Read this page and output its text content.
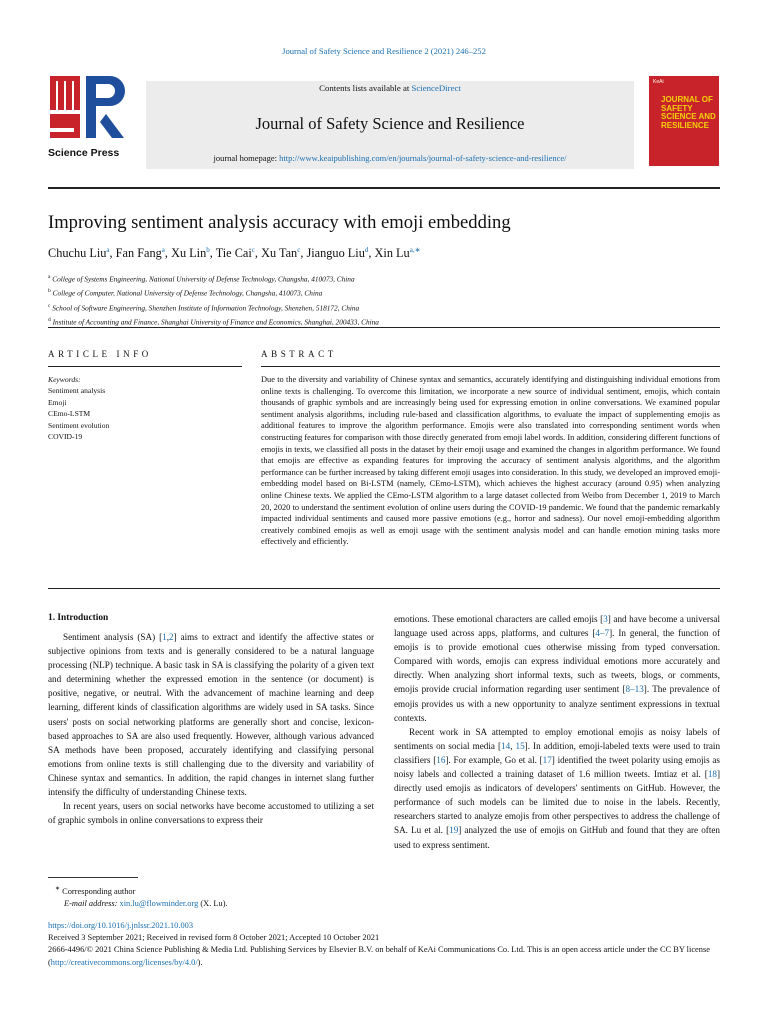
Journal of Safety Science and Resilience 2 (2021) 246–252
Science Press
Contents lists available at ScienceDirect
Journal of Safety Science and Resilience
journal homepage: http://www.keaipublishing.com/en/journals/journal-of-safety-science-and-resilience/
KeAi
JOURNAL OF SAFETY SCIENCE AND RESILIENCE
Improving sentiment analysis accuracy with emoji embedding
Chuchu Liu$^a$, Fan Fang$^a$, Xu Lin$^b$, Tie Cai$^c$, Xu Tan$^c$, Jianguo Liu$^d$, Xin $Lu^{a,∗}$
$^a$ College of Systems Engineering, National University of Defense Technology, Changsha, 410073, China
$^b$ College of Computer, National University of Defense Technology, Changsha, 410073, China
$^c$ School of Software Engineering, Shenzhen Institute of Information Technology, Shenzhen, 518172, China
$^d$ Institute of Accounting and Finance, Shanghai University of Finance and Economics, Shanghai, 200433, China
ARTICLE INFO
Keywords:
Sentiment analysis
Emoji
CEmo-LSTM
Sentiment evolution
COVID-19
ABSTRACT
Due to the diversity and variability of Chinese syntax and semantics, accurately identifying and distinguishing individual emotions from online texts is challenging. To overcome this limitation, we incorporate a new source of individual sentiment, emojis, which contain thousands of graphic symbols and are increasingly being used for expressing emotion in online conversations. We examined popular sentiment analysis algorithms, including rule-based and classification algorithms, to evaluate the impact of supplementing emojis as additional features to improve the algorithm performance. Emojis were also translated into corresponding sentiment words when constructing features for comparison with those directly generated from emoji label words. In addition, considering different functions of emojis in texts, we classified all posts in the dataset by their emoji usage and examined the changes in algorithm performance. We found that emojis are effective as expanding features for improving the accuracy of sentiment analysis algorithms, and the algorithm performance can be further increased by taking different emoji usages into consideration. In this study, we developed an improved emoji-embedding model based on Bi-LSTM (namely, CEmo-LSTM), which achieves the highest accuracy (around 0.95) when analyzing online Chinese texts. We applied the CEmo-LSTM algorithm to a large dataset collected from Weibo from December 1, 2019 to March 20, 2020 to understand the sentiment evolution of online users during the COVID-19 pandemic. We found that the pandemic remarkably impacted individual sentiments and caused more passive emotions (e.g., horror and sadness). Our novel emoji-embedding algorithm creatively combined emojis as well as emoji usage with the sentiment analysis model and can handle emotion mining tasks more effectively and efficiently.
1. Introduction

Sentiment analysis (SA) [1,2] aims to extract and identify the affective states or subjective opinions from texts and is generally considered to be a natural language processing (NLP) technique. A basic task in SA is classifying the polarity of a given text and determining whether the expressed emotion in the sentence (or document) is positive, negative, or neutral. With the advancement of machine learning and deep learning, different kinds of classification algorithms are widely used in SA tasks. Since users' posts on social networking platforms are generally short and concise, lexicon-based approaches to SA are also used frequently. However, although various advanced SA methods have been proposed, accurately identifying and classifying personal emotions from online texts is still challenging due to the diversity and variability of Chinese syntax and semantics. In addition, the rapid changes in internet slang further intensify the difficulty of understanding Chinese texts.

In recent years, users on social networks have become accustomed to utilizing a set of graphic symbols in online conversations to express their

emotions. These emotional characters are called emojis [3] and have become a universal language used across apps, platforms, and cultures [4–7]. In general, the function of emojis is to provide emotional cues otherwise missing from typed conversation. Compared with words, emojis can express individual emotions more accurately and directly. When analyzing short informal texts, such as tweets, blogs, or comments, emojis provide crucial information regarding user sentiment [8–13]. The prevalence of emojis provides us with a new opportunity to analyze sentiment expressions in textual contexts.

Recent work in SA attempted to employ emotional emojis as noisy labels of sentiments on social media [14, 15]. In addition, emoji-labeled texts were used to train classifiers [16]. For example, Go et al. [17] identified the tweet polarity using emojis as noisy labels and collected a training dataset of 1.6 million tweets. Imtiaz et al. [18] directly used emojis as indicators of developers' sentiments on GitHub. However, the performance of such models can be limited due to noise in the labels. Recently, researchers started to analyze emojis from other perspectives to address the challenge of SA. Lu et al. [19] analyzed the use of emojis on GitHub and found that they are often used to express sentiment.

∗ Corresponding author
E-mail address: xin.lu@flowminder.org (X. Lu).
https://doi.org/10.1016/j.jnlssr.2021.10.003
Received 3 September 2021; Received in revised form 8 October 2021; Accepted 10 October 2021
2666-4496/© 2021 China Science Publishing & Media Ltd. Publishing Services by Elsevier B.V. on behalf of KeAi Communications Co. Ltd. This is an open access article under the CC BY license (http://creativecommons.org/licenses/by/4.0/).
